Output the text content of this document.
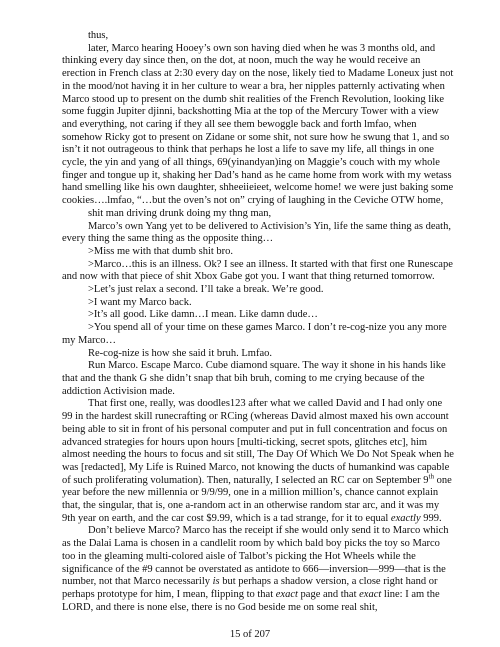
thus,

later, Marco hearing Hooey’s own son having died when he was 3 months old, and thinking every day since then, on the dot, at noon, much the way he would receive an erection in French class at 2:30 every day on the nose, likely tied to Madame Loneux just not in the mood/not having it in her culture to wear a bra, her nipples patternly activating when Marco stood up to present on the dumb shit realities of the French Revolution, looking like some fuggin Jupiter djinni, backshotting Mia at the top of the Mercury Tower with a view and everything, not caring if they all see them bewoggle back and forth lmfao, when somehow Ricky got to present on Zidane or some shit, not sure how he swung that 1, and so isn’t it not outrageous to think that perhaps he lost a life to save my life, all things in one cycle, the yin and yang of all things, 69(yinandyan)ing on Maggie’s couch with my whole finger and tongue up it, shaking her Dad’s hand as he came home from work with my wetass hand smelling like his own daughter, shheeiieieet, welcome home! we were just baking some cookies….lmfao, “…but the oven’s not on” crying of laughing in the Ceviche OTW home,

shit man driving drunk doing my thng man,

Marco’s own Yang yet to be delivered to Activision’s Yin, life the same thing as death, every thing the same thing as the opposite thing…

>Miss me with that dumb shit bro.

>Marco…this is an illness. Ok? I see an illness. It started with that first one Runescape and now with that piece of shit Xbox Gabe got you. I want that thing returned tomorrow.

>Let’s just relax a second. I’ll take a break. We’re good.

>I want my Marco back.

>It’s all good. Like damn…I mean. Like damn dude…

>You spend all of your time on these games Marco. I don’t re-cog-nize you any more my Marco…

Re-cog-nize is how she said it bruh. Lmfao.

Run Marco. Escape Marco. Cube diamond square. The way it shone in his hands like that and the thank G she didn’t snap that bih bruh, coming to me crying because of the addiction Activision made.

That first one, really, was doodles123 after what we called David and I had only one 99 in the hardest skill runecrafting or RCing (whereas David almost maxed his own account being able to sit in front of his personal computer and put in full concentration and focus on advanced strategies for hours upon hours [multi-ticking, secret spots, glitches etc], him almost needing the hours to focus and sit still, The Day Of Which We Do Not Speak when he was [redacted], My Life is Ruined Marco, not knowing the ducts of humankind was capable of such proliferating volumation). Then, naturally, I selected an RC car on September 9th one year before the new millennia or 9/9/99, one in a million million’s, chance cannot explain that, the singular, that is, one a-random act in an otherwise random star arc, and it was my 9th year on earth, and the car cost $9.99, which is a tad strange, for it to equal exactly 999.

Don’t believe Marco? Marco has the receipt if she would only send it to Marco which as the Dalai Lama is chosen in a candlelit room by which bald boy picks the toy so Marco too in the gleaming multi-colored aisle of Talbot’s picking the Hot Wheels while the significance of the #9 cannot be overstated as antidote to 666—inversion—999—that is the number, not that Marco necessarily is but perhaps a shadow version, a close right hand or perhaps prototype for him, I mean, flipping to that exact page and that exact line: I am the LORD, and there is none else, there is no God beside me on some real shit,

15 of 207
